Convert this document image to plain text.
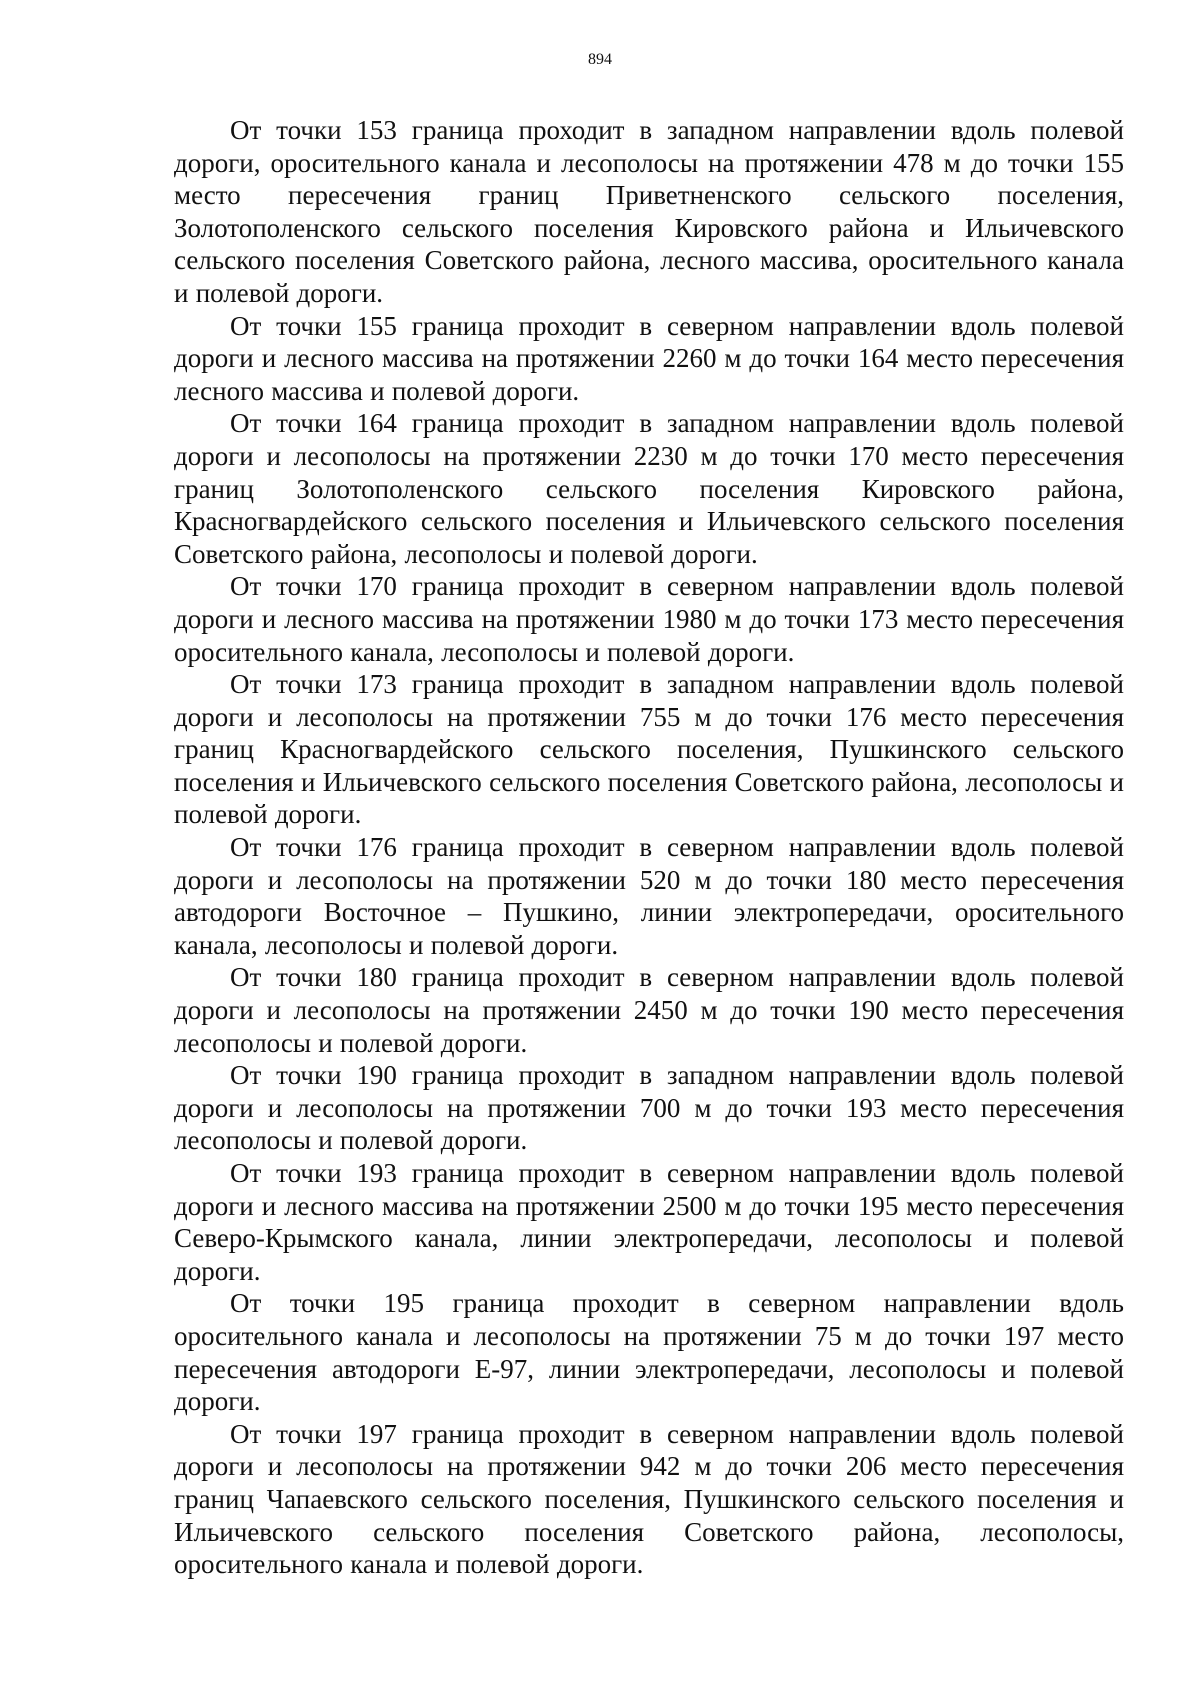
894

От точки 153 граница проходит в западном направлении вдоль полевой дороги, оросительного канала и лесополосы на протяжении 478 м до точки 155 место пересечения границ Приветненского сельского поселения, Золотополенского сельского поселения Кировского района и Ильичевского сельского поселения Советского района, лесного массива, оросительного канала и полевой дороги.

От точки 155 граница проходит в северном направлении вдоль полевой дороги и лесного массива на протяжении 2260 м до точки 164 место пересечения лесного массива и полевой дороги.

От точки 164 граница проходит в западном направлении вдоль полевой дороги и лесополосы на протяжении 2230 м до точки 170 место пересечения границ Золотополенского сельского поселения Кировского района, Красногвардейского сельского поселения и Ильичевского сельского поселения Советского района, лесополосы и полевой дороги.

От точки 170 граница проходит в северном направлении вдоль полевой дороги и лесного массива на протяжении 1980 м до точки 173 место пересечения оросительного канала, лесополосы и полевой дороги.

От точки 173 граница проходит в западном направлении вдоль полевой дороги и лесополосы на протяжении 755 м до точки 176 место пересечения границ Красногвардейского сельского поселения, Пушкинского сельского поселения и Ильичевского сельского поселения Советского района, лесополосы и полевой дороги.

От точки 176 граница проходит в северном направлении вдоль полевой дороги и лесополосы на протяжении 520 м до точки 180 место пересечения автодороги Восточное – Пушкино, линии электропередачи, оросительного канала, лесополосы и полевой дороги.

От точки 180 граница проходит в северном направлении вдоль полевой дороги и лесополосы на протяжении 2450 м до точки 190 место пересечения лесополосы и полевой дороги.

От точки 190 граница проходит в западном направлении вдоль полевой дороги и лесополосы на протяжении 700 м до точки 193 место пересечения лесополосы и полевой дороги.

От точки 193 граница проходит в северном направлении вдоль полевой дороги и лесного массива на протяжении 2500 м до точки 195 место пересечения Северо-Крымского канала, линии электропередачи, лесополосы и полевой дороги.

От точки 195 граница проходит в северном направлении вдоль оросительного канала и лесополосы на протяжении 75 м до точки 197 место пересечения автодороги Е-97, линии электропередачи, лесополосы и полевой дороги.

От точки 197 граница проходит в северном направлении вдоль полевой дороги и лесополосы на протяжении 942 м до точки 206 место пересечения границ Чапаевского сельского поселения, Пушкинского сельского поселения и Ильичевского сельского поселения Советского района, лесополосы, оросительного канала и полевой дороги.
